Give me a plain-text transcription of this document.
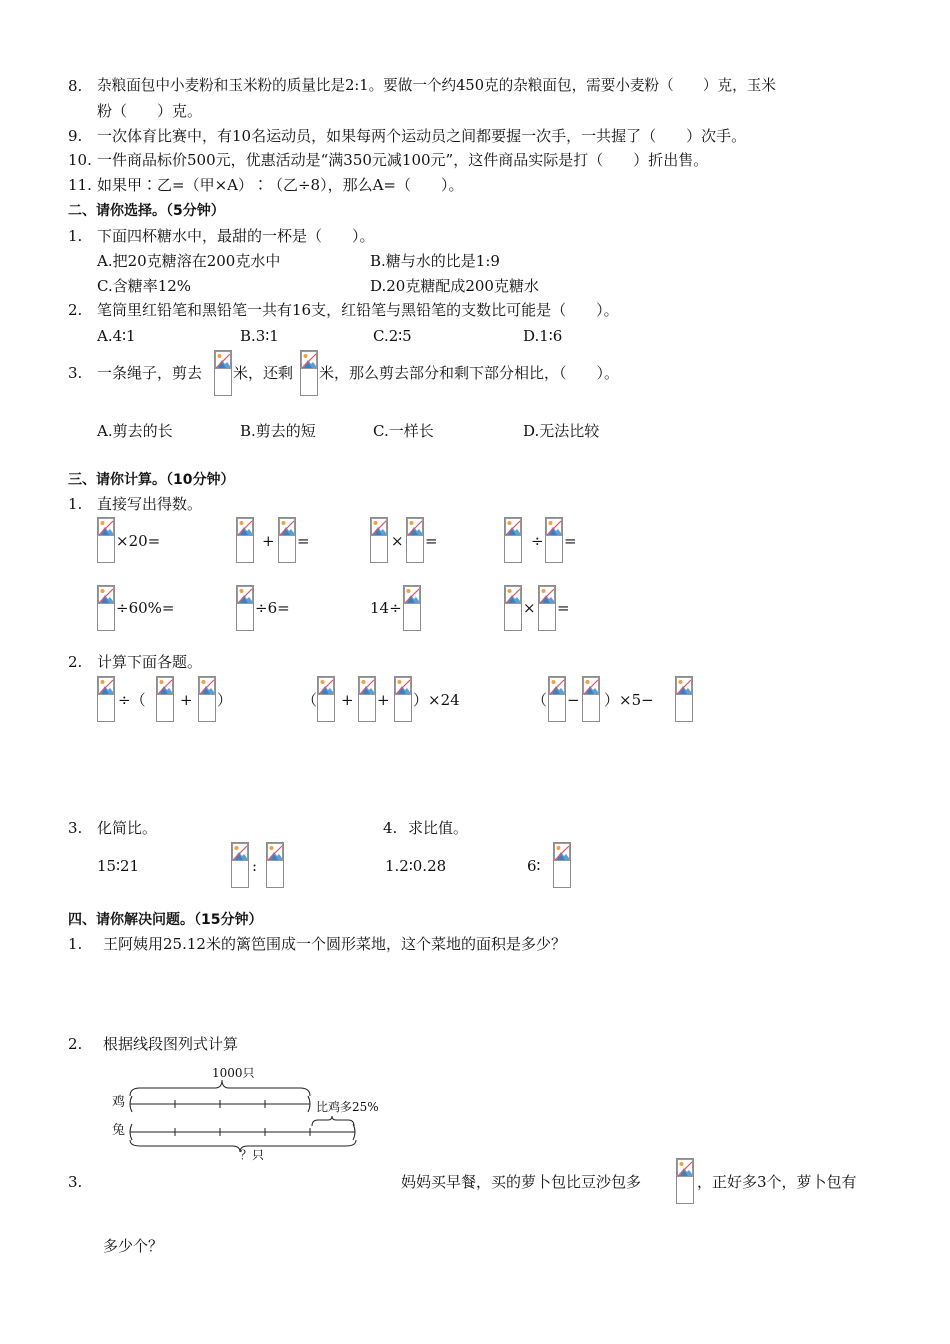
8. 杂粮面包中小麦粉和玉米粉的质量比是2:1。要做一个约450克的杂粮面包，需要小麦粉（　　）克，玉米
粉（　　）克。
9. 一次体育比赛中，有10名运动员，如果每两个运动员之间都要握一次手，一共握了（　　）次手。
10. 一件商品标价500元，优惠活动是“满350元减100元”，这件商品实际是打（　　）折出售。
11. 如果甲∶乙=（甲×A）∶（乙÷8），那么A=（　　）。
二、请你选择。（5分钟）
1. 下面四杯糖水中，最甜的一杯是（　　）。
A.把20克糖溶在200克水中	B.糖与水的比是1:9
C.含糖率12%	D.20克糖配成200克糖水
2. 笔筒里红铅笔和黑铅笔一共有16支，红铅笔与黑铅笔的支数比可能是（　　）。
A.4∶1	B.3∶1	C.2∶5	D.1∶6
3. 一条绳子，剪去 米，还剩 米，那么剪去部分和剩下部分相比，（　　）。
A.剪去的长	B.剪去的短	C.一样长	D.无法比较
三、请你计算。（10分钟）
1. 直接写出得数。
×20=	+ =	× =	÷ =
÷60%=	÷6=	14÷	× =
2. 计算下面各题。
÷（ + ）	（ + + ）×24	（ − ）×5−
3. 化简比。	4. 求比值。
15∶21	:	1.2∶0.28	6∶
四、请你解决问题。（15分钟）
1. 王阿姨用25.12米的篱笆围成一个圆形菜地，这个菜地的面积是多少？
2. 根据线段图列式计算
1000只
鸡
兔
比鸡多25%
？只
3.	妈妈买早餐，买的萝卜包比豆沙包多	，正好多3个，萝卜包有
多少个？
